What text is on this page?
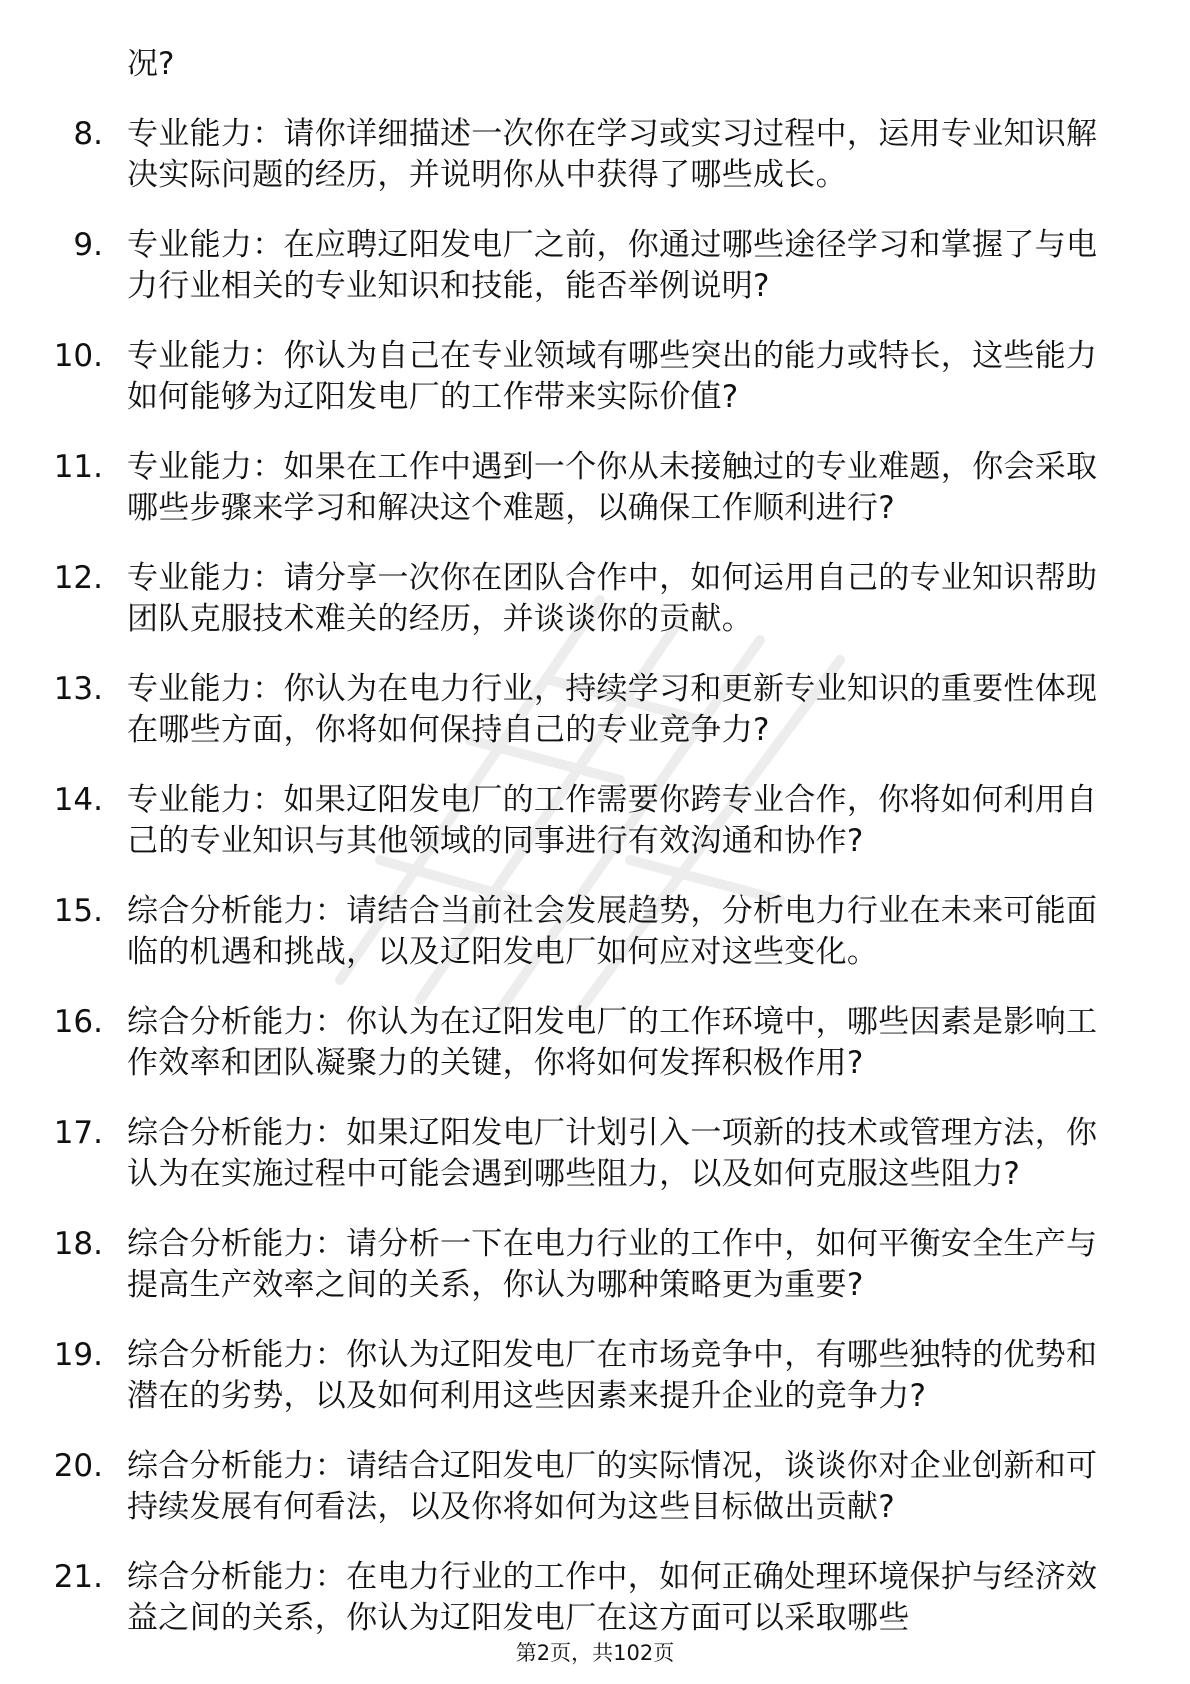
况?
8. 专业能力：请你详细描述一次你在学习或实习过程中，运用专业知识解决实际问题的经历，并说明你从中获得了哪些成长。
9. 专业能力：在应聘辽阳发电厂之前，你通过哪些途径学习和掌握了与电力行业相关的专业知识和技能，能否举例说明?
10. 专业能力：你认为自己在专业领域有哪些突出的能力或特长，这些能力如何能够为辽阳发电厂的工作带来实际价值?
11. 专业能力：如果在工作中遇到一个你从未接触过的专业难题，你会采取哪些步骤来学习和解决这个难题，以确保工作顺利进行?
12. 专业能力：请分享一次你在团队合作中，如何运用自己的专业知识帮助团队克服技术难关的经历，并谈谈你的贡献。
13. 专业能力：你认为在电力行业，持续学习和更新专业知识的重要性体现在哪些方面，你将如何保持自己的专业竞争力?
14. 专业能力：如果辽阳发电厂的工作需要你跨专业合作，你将如何利用自己的专业知识与其他领域的同事进行有效沟通和协作?
15. 综合分析能力：请结合当前社会发展趋势，分析电力行业在未来可能面临的机遇和挑战，以及辽阳发电厂如何应对这些变化。
16. 综合分析能力：你认为在辽阳发电厂的工作环境中，哪些因素是影响工作效率和团队凝聚力的关键，你将如何发挥积极作用?
17. 综合分析能力：如果辽阳发电厂计划引入一项新的技术或管理方法，你认为在实施过程中可能会遇到哪些阻力，以及如何克服这些阻力?
18. 综合分析能力：请分析一下在电力行业的工作中，如何平衡安全生产与提高生产效率之间的关系，你认为哪种策略更为重要?
19. 综合分析能力：你认为辽阳发电厂在市场竞争中，有哪些独特的优势和潜在的劣势，以及如何利用这些因素来提升企业的竞争力?
20. 综合分析能力：请结合辽阳发电厂的实际情况，谈谈你对企业创新和可持续发展有何看法，以及你将如何为这些目标做出贡献?
21. 综合分析能力：在电力行业的工作中，如何正确处理环境保护与经济效益之间的关系，你认为辽阳发电厂在这方面可以采取哪些
第2页，共102页
